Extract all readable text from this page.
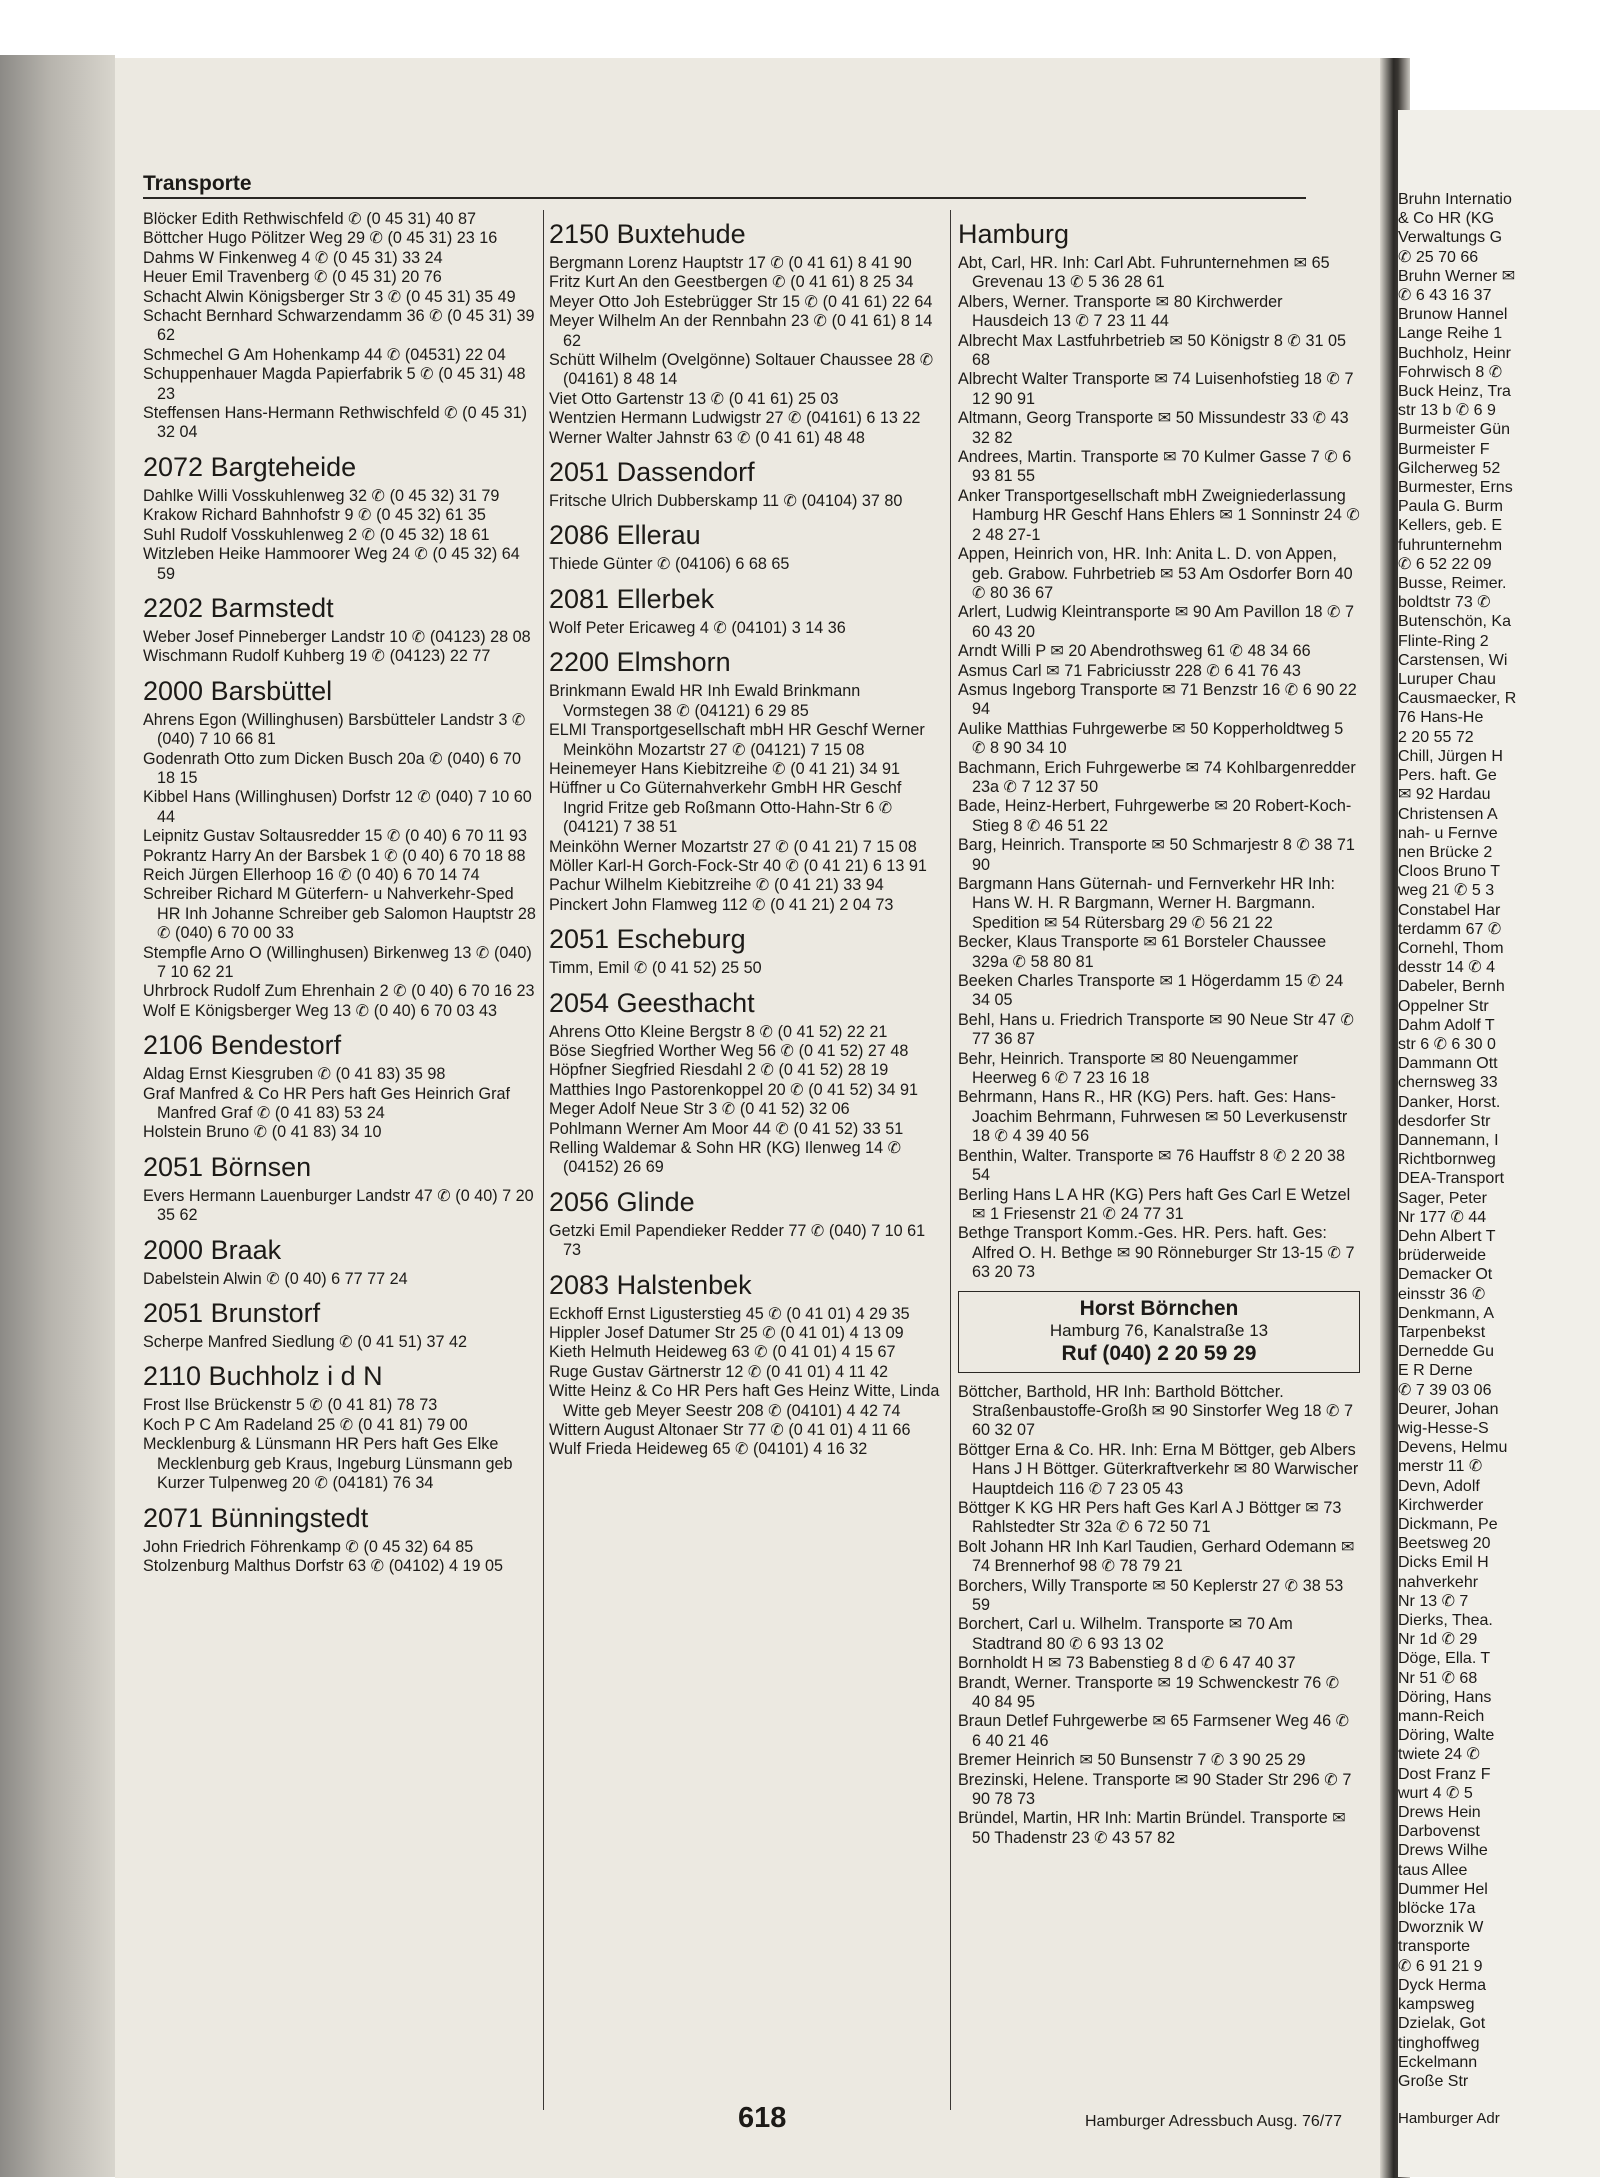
Transporte
Blöcker Edith Rethwischfeld ✆ (0 45 31) 40 87
Böttcher Hugo Pölitzer Weg 29 ✆ (0 45 31) 23 16
Dahms W Finkenweg 4 ✆ (0 45 31) 33 24
Heuer Emil Travenberg ✆ (0 45 31) 20 76
Schacht Alwin Königsberger Str 3 ✆ (0 45 31) 35 49
Schacht Bernhard Schwarzendamm 36 ✆ (0 45 31) 39 62
Schmechel G Am Hohenkamp 44 ✆ (04531) 22 04
Schuppenhauer Magda Papierfabrik 5 ✆ (0 45 31) 48 23
Steffensen Hans-Hermann Rethwischfeld ✆ (0 45 31) 32 04
2072 Bargteheide
Dahlke Willi Vosskuhlenweg 32 ✆ (0 45 32) 31 79
Krakow Richard Bahnhofstr 9 ✆ (0 45 32) 61 35
Suhl Rudolf Vosskuhlenweg 2 ✆ (0 45 32) 18 61
Witzleben Heike Hammoorer Weg 24 ✆ (0 45 32) 64 59
2202 Barmstedt
Weber Josef Pinneberger Landstr 10 ✆ (04123) 28 08
Wischmann Rudolf Kuhberg 19 ✆ (04123) 22 77
2000 Barsbüttel
Ahrens Egon (Willinghusen) Barsbütteler Landstr 3 ✆ (040) 7 10 66 81
Godenrath Otto zum Dicken Busch 20a ✆ (040) 6 70 18 15
Kibbel Hans (Willinghusen) Dorfstr 12 ✆ (040) 7 10 60 44
Leipnitz Gustav Soltausredder 15 ✆ (0 40) 6 70 11 93
Pokrantz Harry An der Barsbek 1 ✆ (0 40) 6 70 18 88
Reich Jürgen Ellerhoop 16 ✆ (0 40) 6 70 14 74
Schreiber Richard M Güterfern- u Nahverkehr-Sped HR Inh Johanne Schreiber geb Salomon Hauptstr 28 ✆ (040) 6 70 00 33
Stempfle Arno O (Willinghusen) Birkenweg 13 ✆ (040) 7 10 62 21
Uhrbrock Rudolf Zum Ehrenhain 2 ✆ (0 40) 6 70 16 23
Wolf E Königsberger Weg 13 ✆ (0 40) 6 70 03 43
2106 Bendestorf
Aldag Ernst Kiesgruben ✆ (0 41 83) 35 98
Graf Manfred & Co HR Pers haft Ges Heinrich Graf Manfred Graf ✆ (0 41 83) 53 24
Holstein Bruno ✆ (0 41 83) 34 10
2051 Börnsen
Evers Hermann Lauenburger Landstr 47 ✆ (0 40) 7 20 35 62
2000 Braak
Dabelstein Alwin ✆ (0 40) 6 77 77 24
2051 Brunstorf
Scherpe Manfred Siedlung ✆ (0 41 51) 37 42
2110 Buchholz i d N
Frost Ilse Brückenstr 5 ✆ (0 41 81) 78 73
Koch P C Am Radeland 25 ✆ (0 41 81) 79 00
Mecklenburg & Lünsmann HR Pers haft Ges Elke Mecklenburg geb Kraus, Ingeburg Lünsmann geb Kurzer Tulpenweg 20 ✆ (04181) 76 34
2071 Bünningstedt
John Friedrich Föhrenkamp ✆ (0 45 32) 64 85
Stolzenburg Malthus Dorfstr 63 ✆ (04102) 4 19 05
2150 Buxtehude
Bergmann Lorenz Hauptstr 17 ✆ (0 41 61) 8 41 90
Fritz Kurt An den Geestbergen ✆ (0 41 61) 8 25 34
Meyer Otto Joh Estebrügger Str 15 ✆ (0 41 61) 22 64
Meyer Wilhelm An der Rennbahn 23 ✆ (0 41 61) 8 14 62
Schütt Wilhelm (Ovelgönne) Soltauer Chaussee 28 ✆ (04161) 8 48 14
Viet Otto Gartenstr 13 ✆ (0 41 61) 25 03
Wentzien Hermann Ludwigstr 27 ✆ (04161) 6 13 22
Werner Walter Jahnstr 63 ✆ (0 41 61) 48 48
2051 Dassendorf
Fritsche Ulrich Dubberskamp 11 ✆ (04104) 37 80
2086 Ellerau
Thiede Günter ✆ (04106) 6 68 65
2081 Ellerbek
Wolf Peter Ericaweg 4 ✆ (04101) 3 14 36
2200 Elmshorn
Brinkmann Ewald HR Inh Ewald Brinkmann Vormstegen 38 ✆ (04121) 6 29 85
ELMI Transportgesellschaft mbH HR Geschf Werner Meinköhn Mozartstr 27 ✆ (04121) 7 15 08
Heinemeyer Hans Kiebitzreihe ✆ (0 41 21) 34 91
Hüffner u Co Güternahverkehr GmbH HR Geschf Ingrid Fritze geb Roßmann Otto-Hahn-Str 6 ✆ (04121) 7 38 51
Meinköhn Werner Mozartstr 27 ✆ (0 41 21) 7 15 08
Möller Karl-H Gorch-Fock-Str 40 ✆ (0 41 21) 6 13 91
Pachur Wilhelm Kiebitzreihe ✆ (0 41 21) 33 94
Pinckert John Flamweg 112 ✆ (0 41 21) 2 04 73
2051 Escheburg
Timm, Emil ✆ (0 41 52) 25 50
2054 Geesthacht
Ahrens Otto Kleine Bergstr 8 ✆ (0 41 52) 22 21
Böse Siegfried Worther Weg 56 ✆ (0 41 52) 27 48
Höpfner Siegfried Riesdahl 2 ✆ (0 41 52) 28 19
Matthies Ingo Pastorenkoppel 20 ✆ (0 41 52) 34 91
Meger Adolf Neue Str 3 ✆ (0 41 52) 32 06
Pohlmann Werner Am Moor 44 ✆ (0 41 52) 33 51
Relling Waldemar & Sohn HR (KG) Ilenweg 14 ✆ (04152) 26 69
2056 Glinde
Getzki Emil Papendieker Redder 77 ✆ (040) 7 10 61 73
2083 Halstenbek
Eckhoff Ernst Ligusterstieg 45 ✆ (0 41 01) 4 29 35
Hippler Josef Datumer Str 25 ✆ (0 41 01) 4 13 09
Kieth Helmuth Heideweg 63 ✆ (0 41 01) 4 15 67
Ruge Gustav Gärtnerstr 12 ✆ (0 41 01) 4 11 42
Witte Heinz & Co HR Pers haft Ges Heinz Witte, Linda Witte geb Meyer Seestr 208 ✆ (04101) 4 42 74
Wittern August Altonaer Str 77 ✆ (0 41 01) 4 11 66
Wulf Frieda Heideweg 65 ✆ (04101) 4 16 32
Hamburg
Abt, Carl, HR. Inh: Carl Abt. Fuhrunternehmen ✉ 65 Grevenau 13 ✆ 5 36 28 61
Albers, Werner. Transporte ✉ 80 Kirchwerder Hausdeich 13 ✆ 7 23 11 44
Albrecht Max Lastfuhrbetrieb ✉ 50 Königstr 8 ✆ 31 05 68
Albrecht Walter Transporte ✉ 74 Luisenhofstieg 18 ✆ 7 12 90 91
Altmann, Georg Transporte ✉ 50 Missundestr 33 ✆ 43 32 82
Andrees, Martin. Transporte ✉ 70 Kulmer Gasse 7 ✆ 6 93 81 55
Anker Transportgesellschaft mbH Zweigniederlassung Hamburg HR Geschf Hans Ehlers ✉ 1 Sonninstr 24 ✆ 2 48 27-1
Appen, Heinrich von, HR. Inh: Anita L. D. von Appen, geb. Grabow. Fuhrbetrieb ✉ 53 Am Osdorfer Born 40 ✆ 80 36 67
Arlert, Ludwig Kleintransporte ✉ 90 Am Pavillon 18 ✆ 7 60 43 20
Arndt Willi P ✉ 20 Abendrothsweg 61 ✆ 48 34 66
Asmus Carl ✉ 71 Fabriciusstr 228 ✆ 6 41 76 43
Asmus Ingeborg Transporte ✉ 71 Benzstr 16 ✆ 6 90 22 94
Aulike Matthias Fuhrgewerbe ✉ 50 Kopperholdtweg 5 ✆ 8 90 34 10
Bachmann, Erich Fuhrgewerbe ✉ 74 Kohlbargenredder 23a ✆ 7 12 37 50
Bade, Heinz-Herbert, Fuhrgewerbe ✉ 20 Robert-Koch-Stieg 8 ✆ 46 51 22
Barg, Heinrich. Transporte ✉ 50 Schmarjestr 8 ✆ 38 71 90
Bargmann Hans Güternah- und Fernverkehr HR Inh: Hans W. H. R Bargmann, Werner H. Bargmann. Spedition ✉ 54 Rütersbarg 29 ✆ 56 21 22
Becker, Klaus Transporte ✉ 61 Borsteler Chaussee 329a ✆ 58 80 81
Beeken Charles Transporte ✉ 1 Högerdamm 15 ✆ 24 34 05
Behl, Hans u. Friedrich Transporte ✉ 90 Neue Str 47 ✆ 77 36 87
Behr, Heinrich. Transporte ✉ 80 Neuengammer Heerweg 6 ✆ 7 23 16 18
Behrmann, Hans R., HR (KG) Pers. haft. Ges: Hans-Joachim Behrmann, Fuhrwesen ✉ 50 Leverkusenstr 18 ✆ 4 39 40 56
Benthin, Walter. Transporte ✉ 76 Hauffstr 8 ✆ 2 20 38 54
Berling Hans L A HR (KG) Pers haft Ges Carl E Wetzel ✉ 1 Friesenstr 21 ✆ 24 77 31
Bethge Transport Komm.-Ges. HR. Pers. haft. Ges: Alfred O. H. Bethge ✉ 90 Rönneburger Str 13-15 ✆ 7 63 20 73
Horst Börnchen
Hamburg 76, Kanalstraße 13
Ruf (040) 2 20 59 29
Böttcher, Barthold, HR Inh: Barthold Böttcher. Straßenbaustoffe-Großh ✉ 90 Sinstorfer Weg 18 ✆ 7 60 32 07
Böttger Erna & Co. HR. Inh: Erna M Böttger, geb Albers Hans J H Böttger. Güterkraftverkehr ✉ 80 Warwischer Hauptdeich 116 ✆ 7 23 05 43
Böttger K KG HR Pers haft Ges Karl A J Böttger ✉ 73 Rahlstedter Str 32a ✆ 6 72 50 71
Bolt Johann HR Inh Karl Taudien, Gerhard Odemann ✉ 74 Brennerhof 98 ✆ 78 79 21
Borchers, Willy Transporte ✉ 50 Keplerstr 27 ✆ 38 53 59
Borchert, Carl u. Wilhelm. Transporte ✉ 70 Am Stadtrand 80 ✆ 6 93 13 02
Bornholdt H ✉ 73 Babenstieg 8 d ✆ 6 47 40 37
Brandt, Werner. Transporte ✉ 19 Schwenckestr 76 ✆ 40 84 95
Braun Detlef Fuhrgewerbe ✉ 65 Farmsener Weg 46 ✆ 6 40 21 46
Bremer Heinrich ✉ 50 Bunsenstr 7 ✆ 3 90 25 29
Brezinski, Helene. Transporte ✉ 90 Stader Str 296 ✆ 7 90 78 73
Bründel, Martin, HR Inh: Martin Bründel. Transporte ✉ 50 Thadenstr 23 ✆ 43 57 82
Bruhn Internatio
& Co HR (KG
Verwaltungs G
✆ 25 70 66
Bruhn Werner ✉
✆ 6 43 16 37
Brunow Hannel
Lange Reihe 1
Buchholz, Heinr
Fohrwisch 8 ✆
Buck Heinz, Tra
str 13 b ✆ 6 9
Burmeister Gün
Burmeister F
Gilcherweg 52
Burmester, Erns
Paula G. Burm
Kellers, geb. E
fuhrunternehm
✆ 6 52 22 09
Busse, Reimer.
boldtstr 73 ✆
Butenschön, Ka
Flinte-Ring 2
Carstensen, Wi
Luruper Chau
Causmaecker, R
76 Hans-He
2 20 55 72
Chill, Jürgen H
Pers. haft. Ge
✉ 92 Hardau
Christensen A
nah- u Fernve
nen Brücke 2
Cloos Bruno T
weg 21 ✆ 5 3
Constabel Har
terdamm 67 ✆
Cornehl, Thom
desstr 14 ✆ 4
Dabeler, Bernh
Oppelner Str
Dahm Adolf T
str 6 ✆ 6 30 0
Dammann Ott
chernsweg 33
Danker, Horst.
desdorfer Str
Dannemann, I
Richtbornweg
DEA-Transport
Sager, Peter
Nr 177 ✆ 44
Dehn Albert T
brüderweide
Demacker Ot
einsstr 36 ✆
Denkmann, A
Tarpenbekst
Dernedde Gu
E R Derne
✆ 7 39 03 06
Deurer, Johan
wig-Hesse-S
Devens, Helmu
merstr 11 ✆
Devn, Adolf
Kirchwerder
Dickmann, Pe
Beetsweg 20
Dicks Emil H
nahverkehr
Nr 13 ✆ 7
Dierks, Thea.
Nr 1d ✆ 29
Döge, Ella. T
Nr 51 ✆ 68
Döring, Hans
mann-Reich
Döring, Walte
twiete 24 ✆
Dost Franz F
wurt 4 ✆ 5
Drews Hein
Darbovenst
Drews Wilhe
taus Allee
Dummer Hel
blöcke 17a
Dworznik W
transporte
✆ 6 91 21 9
Dyck Herma
kampsweg
Dzielak, Got
tinghoffweg
Eckelmann
Große Str
Hamburger Adr
618	Hamburger Adressbuch Ausg. 76/77
